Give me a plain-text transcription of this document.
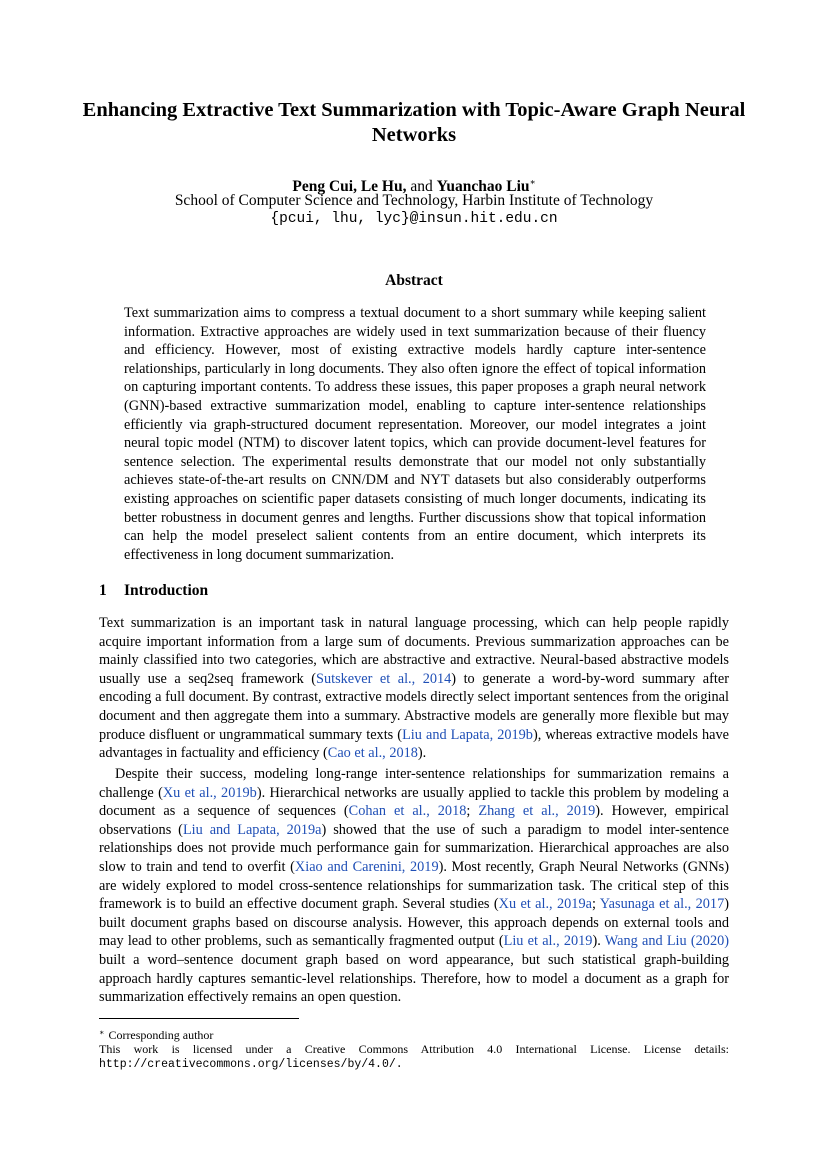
Enhancing Extractive Text Summarization with Topic-Aware Graph Neural Networks
Peng Cui, Le Hu, and Yuanchao Liu∗
School of Computer Science and Technology, Harbin Institute of Technology
{pcui, lhu, lyc}@insun.hit.edu.cn
Abstract
Text summarization aims to compress a textual document to a short summary while keeping salient information. Extractive approaches are widely used in text summarization because of their fluency and efficiency. However, most of existing extractive models hardly capture inter-sentence relationships, particularly in long documents. They also often ignore the effect of topical information on capturing important contents. To address these issues, this paper proposes a graph neural network (GNN)-based extractive summarization model, enabling to capture inter-sentence relationships efficiently via graph-structured document representation. Moreover, our model integrates a joint neural topic model (NTM) to discover latent topics, which can provide document-level features for sentence selection. The experimental results demonstrate that our model not only substantially achieves state-of-the-art results on CNN/DM and NYT datasets but also considerably outperforms existing approaches on scientific paper datasets consisting of much longer documents, indicating its better robustness in document genres and lengths. Further discussions show that topical information can help the model preselect salient contents from an entire document, which interprets its effectiveness in long document summarization.
1 Introduction
Text summarization is an important task in natural language processing, which can help people rapidly acquire important information from a large sum of documents. Previous summarization approaches can be mainly classified into two categories, which are abstractive and extractive. Neural-based abstractive models usually use a seq2seq framework (Sutskever et al., 2014) to generate a word-by-word summary after encoding a full document. By contrast, extractive models directly select important sentences from the original document and then aggregate them into a summary. Abstractive models are generally more flexible but may produce disfluent or ungrammatical summary texts (Liu and Lapata, 2019b), whereas extractive models have advantages in factuality and efficiency (Cao et al., 2018).
Despite their success, modeling long-range inter-sentence relationships for summarization remains a challenge (Xu et al., 2019b). Hierarchical networks are usually applied to tackle this problem by modeling a document as a sequence of sequences (Cohan et al., 2018; Zhang et al., 2019). However, empirical observations (Liu and Lapata, 2019a) showed that the use of such a paradigm to model inter-sentence relationships does not provide much performance gain for summarization. Hierarchical approaches are also slow to train and tend to overfit (Xiao and Carenini, 2019). Most recently, Graph Neural Networks (GNNs) are widely explored to model cross-sentence relationships for summarization task. The critical step of this framework is to build an effective document graph. Several studies (Xu et al., 2019a; Yasunaga et al., 2017) built document graphs based on discourse analysis. However, this approach depends on external tools and may lead to other problems, such as semantically fragmented output (Liu et al., 2019). Wang and Liu (2020) built a word–sentence document graph based on word appearance, but such statistical graph-building approach hardly captures semantic-level relationships. Therefore, how to model a document as a graph for summarization effectively remains an open question.
∗ Corresponding author
This work is licensed under a Creative Commons Attribution 4.0 International License. License details:
http://creativecommons.org/licenses/by/4.0/.
